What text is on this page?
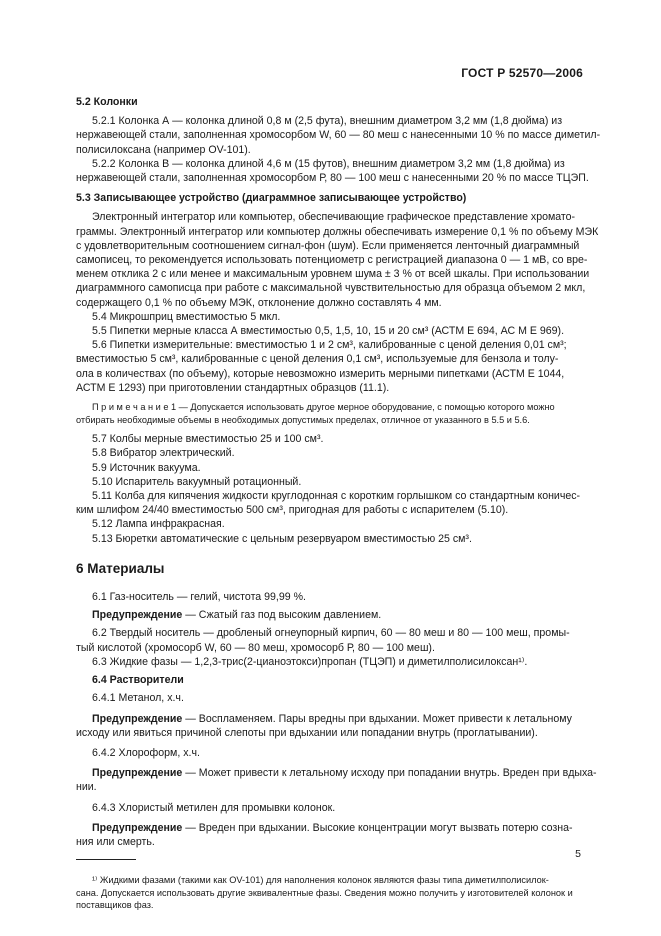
ГОСТ Р 52570—2006
5.2 Колонки
5.2.1 Колонка А — колонка длиной 0,8 м (2,5 фута), внешним диаметром 3,2 мм (1,8 дюйма) из
нержавеющей стали, заполненная хромосорбом W, 60 — 80 меш с нанесенными 10 % по массе диметил-
полисилоксана (например OV-101).
5.2.2 Колонка В — колонка длиной 4,6 м (15 футов), внешним диаметром 3,2 мм (1,8 дюйма) из
нержавеющей стали, заполненная хромосорбом Р, 80 — 100 меш с нанесенными 20 % по массе ТЦЭП.
5.3 Записывающее устройство (диаграммное записывающее устройство)
Электронный интегратор или компьютер, обеспечивающие графическое представление хромато-
граммы. Электронный интегратор или компьютер должны обеспечивать измерение 0,1 % по объему МЭК
с удовлетворительным соотношением сигнал-фон (шум). Если применяется ленточный диаграммный
самописец, то рекомендуется использовать потенциометр с регистрацией диапазона 0 — 1 мВ, со вре-
менем отклика 2 с или менее и максимальным уровнем шума ± 3 % от всей шкалы. При использовании
диаграммного самописца при работе с максимальной чувствительностью для образца объемом 2 мкл,
содержащего 0,1 % по объему МЭК, отклонение должно составлять 4 мм.
5.4 Микрошприц вместимостью 5 мкл.
5.5 Пипетки мерные класса А вместимостью 0,5, 1,5, 10, 15 и 20 см³ (АСТМ Е 694, АС М Е 969).
5.6 Пипетки измерительные: вместимостью 1 и 2 см³, калиброванные с ценой деления 0,01 см³;
вместимостью 5 см³, калиброванные с ценой деления 0,1 см³, используемые для бензола и толу-
ола в количествах (по объему), которые невозможно измерить мерными пипетками (АСТМ Е 1044,
АСТМ Е 1293) при приготовлении стандартных образцов (11.1).
П р и м е ч а н и е 1 — Допускается использовать другое мерное оборудование, с помощью которого можно
отбирать необходимые объемы в необходимых допустимых пределах, отличное от указанного в 5.5 и 5.6.
5.7 Колбы мерные вместимостью 25 и 100 см³.
5.8 Вибратор электрический.
5.9 Источник вакуума.
5.10 Испаритель вакуумный ротационный.
5.11 Колба для кипячения жидкости круглодонная с коротким горлышком со стандартным коничес-
ким шлифом 24/40 вместимостью 500 см³, пригодная для работы с испарителем (5.10).
5.12 Лампа инфракрасная.
5.13 Бюретки автоматические с цельным резервуаром вместимостью 25 см³.
6 Материалы
6.1 Газ-носитель — гелий, чистота 99,99 %.
Предупреждение — Сжатый газ под высоким давлением.
6.2 Твердый носитель — дробленый огнеупорный кирпич, 60 — 80 меш и 80 — 100 меш, промы-
тый кислотой (хромосорб W, 60 — 80 меш, хромосорб Р, 80 — 100 меш).
6.3 Жидкие фазы — 1,2,3-трис(2-цианоэтокси)пропан (ТЦЭП) и диметилполисилоксан¹⁾.
6.4 Растворители
6.4.1 Метанол, х.ч.
Предупреждение — Воспламеняем. Пары вредны при вдыхании. Может привести к летальному
исходу или явиться причиной слепоты при вдыхании или попадании внутрь (проглатывании).
6.4.2 Хлороформ, х.ч.
Предупреждение — Может привести к летальному исходу при попадании внутрь. Вреден при вдыха-
нии.
6.4.3 Хлористый метилен для промывки колонок.
Предупреждение — Вреден при вдыхании. Высокие концентрации могут вызвать потерю созна-
ния или смерть.
¹⁾ Жидкими фазами (такими как OV-101) для наполнения колонок являются фазы типа диметилполисилок-
сана. Допускается использовать другие эквивалентные фазы. Сведения можно получить у изготовителей колонок и
поставщиков фаз.
5
